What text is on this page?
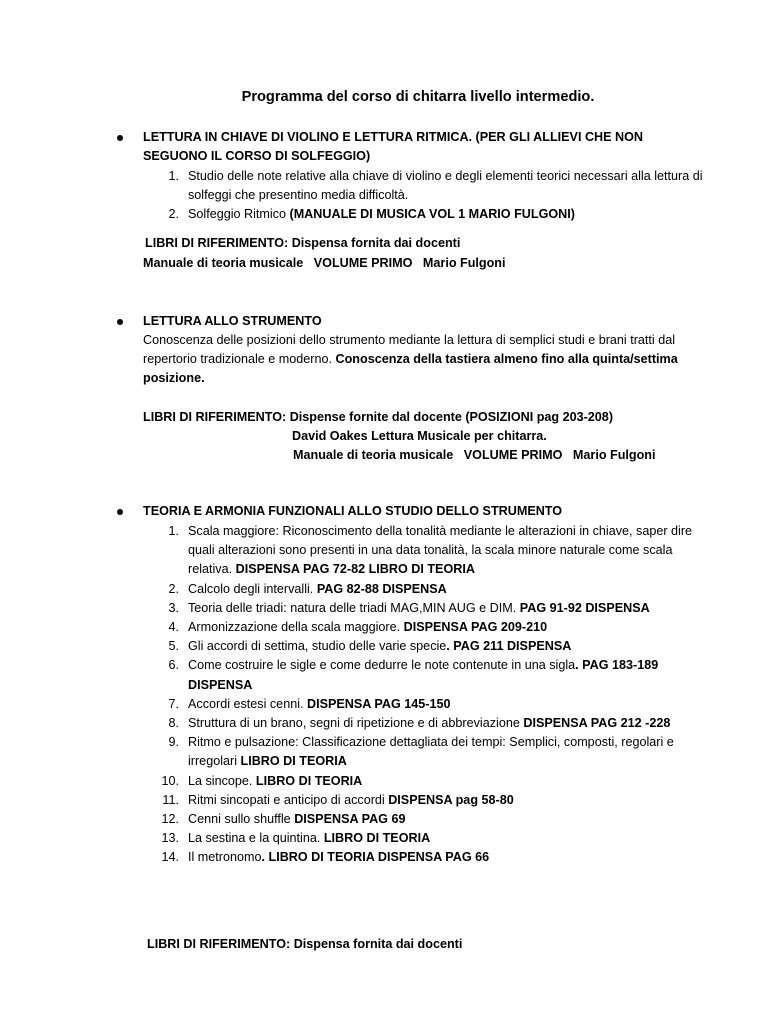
Programma del corso di chitarra livello intermedio.
LETTURA IN CHIAVE DI VIOLINO E LETTURA RITMICA. (PER GLI ALLIEVI CHE NON SEGUONO IL CORSO DI SOLFEGGIO)
1. Studio delle note relative alla chiave di violino e degli elementi teorici necessari alla lettura di solfeggi che presentino media difficoltà.
2. Solfeggio Ritmico (MANUALE DI MUSICA VOL 1 MARIO FULGONI)
LIBRI DI RIFERIMENTO: Dispensa fornita dai docenti
Manuale di teoria musicale   VOLUME PRIMO   Mario Fulgoni
LETTURA ALLO STRUMENTO
Conoscenza delle posizioni dello strumento mediante la lettura di semplici studi e brani tratti dal repertorio tradizionale e moderno. Conoscenza della tastiera almeno fino alla quinta/settima posizione.
LIBRI DI RIFERIMENTO: Dispense fornite dal docente (POSIZIONI pag 203-208)
David Oakes Lettura Musicale per chitarra.
Manuale di teoria musicale   VOLUME PRIMO   Mario Fulgoni
TEORIA E ARMONIA FUNZIONALI ALLO STUDIO DELLO STRUMENTO
1. Scala maggiore: Riconoscimento della tonalità mediante le alterazioni in chiave, saper dire quali alterazioni sono presenti in una data tonalità, la scala minore naturale come scala relativa. DISPENSA PAG 72-82 LIBRO DI TEORIA
2. Calcolo degli intervalli. PAG 82-88 DISPENSA
3. Teoria delle triadi: natura delle triadi MAG,MIN AUG e DIM. PAG 91-92 DISPENSA
4. Armonizzazione della scala maggiore. DISPENSA PAG 209-210
5. Gli accordi di settima, studio delle varie specie. PAG 211 DISPENSA
6. Come costruire le sigle e come dedurre le note contenute in una sigla. PAG 183-189 DISPENSA
7. Accordi estesi cenni. DISPENSA PAG 145-150
8. Struttura di un brano, segni di ripetizione e di abbreviazione DISPENSA PAG 212 -228
9. Ritmo e pulsazione: Classificazione dettagliata dei tempi: Semplici, composti, regolari e irregolari LIBRO DI TEORIA
10. La sincope. LIBRO DI TEORIA
11. Ritmi sincopati e anticipo di accordi DISPENSA pag 58-80
12. Cenni sullo shuffle DISPENSA PAG 69
13. La sestina e la quintina. LIBRO DI TEORIA
14. Il metronomo. LIBRO DI TEORIA DISPENSA PAG 66
LIBRI DI RIFERIMENTO: Dispensa fornita dai docenti
